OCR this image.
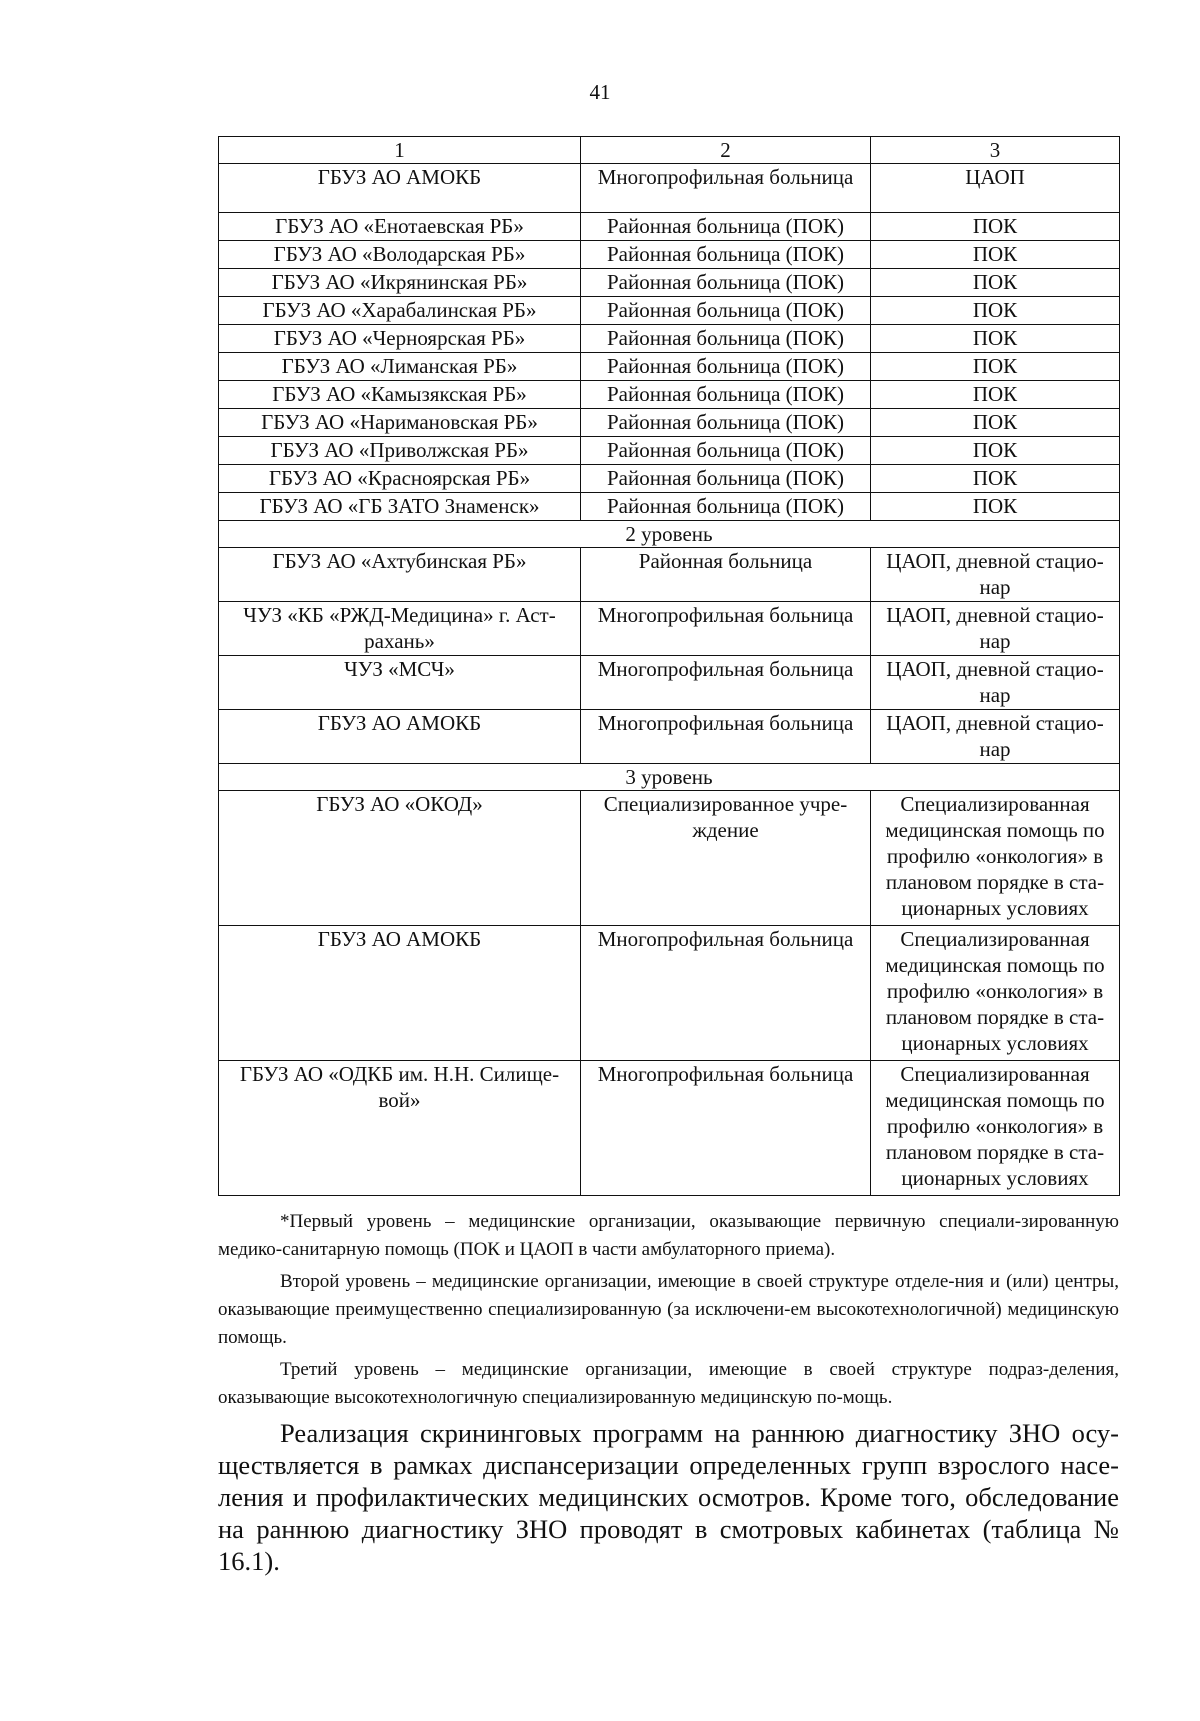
41
1	2	3
ГБУЗ АО АМОКБ	Многопрофильная больница	ЦАОП
ГБУЗ АО «Енотаевская РБ»	Районная больница (ПОК)	ПОК
ГБУЗ АО «Володарская РБ»	Районная больница (ПОК)	ПОК
ГБУЗ АО «Икрянинская РБ»	Районная больница (ПОК)	ПОК
ГБУЗ АО «Харабалинская РБ»	Районная больница (ПОК)	ПОК
ГБУЗ АО «Черноярская РБ»	Районная больница (ПОК)	ПОК
ГБУЗ АО «Лиманская РБ»	Районная больница (ПОК)	ПОК
ГБУЗ АО «Камызякская РБ»	Районная больница (ПОК)	ПОК
ГБУЗ АО «Наримановская РБ»	Районная больница (ПОК)	ПОК
ГБУЗ АО «Приволжская РБ»	Районная больница (ПОК)	ПОК
ГБУЗ АО «Красноярская РБ»	Районная больница (ПОК)	ПОК
ГБУЗ АО «ГБ ЗАТО Знаменск»	Районная больница (ПОК)	ПОК
2 уровень		
ГБУЗ АО «Ахтубинская РБ»	Районная больница	ЦАОП, дневной стацио-нар
ЧУЗ «КБ «РЖД-Медицина» г. Аст-рахань»	Многопрофильная больница	ЦАОП, дневной стацио-нар
ЧУЗ «МСЧ»	Многопрофильная больница	ЦАОП, дневной стацио-нар
ГБУЗ АО АМОКБ	Многопрофильная больница	ЦАОП, дневной стацио-нар
3 уровень		
ГБУЗ АО «ОКОД»	Специализированное учре-ждение	Специализированная медицинская помощь по профилю «онкология» в плановом порядке в ста-ционарных условиях
ГБУЗ АО АМОКБ	Многопрофильная больница	Специализированная медицинская помощь по профилю «онкология» в плановом порядке в ста-ционарных условиях
ГБУЗ АО «ОДКБ им. Н.Н. Силище-вой»	Многопрофильная больница	Специализированная медицинская помощь по профилю «онкология» в плановом порядке в ста-ционарных условиях

*Первый уровень – медицинские организации, оказывающие первичную специали-зированную медико-санитарную помощь (ПОК и ЦАОП в части амбулаторного приема).

Второй уровень – медицинские организации, имеющие в своей структуре отделе-ния и (или) центры, оказывающие преимущественно специализированную (за исключени-ем высокотехнологичной) медицинскую помощь.

Третий уровень – медицинские организации, имеющие в своей структуре подраз-деления, оказывающие высокотехнологичную специализированную медицинскую по-мощь.

Реализация скрининговых программ на раннюю диагностику ЗНО осу-ществляется в рамках диспансеризации определенных групп взрослого насе-ления и профилактических медицинских осмотров. Кроме того, обследование на раннюю диагностику ЗНО проводят в смотровых кабинетах (таблица № 16.1).
